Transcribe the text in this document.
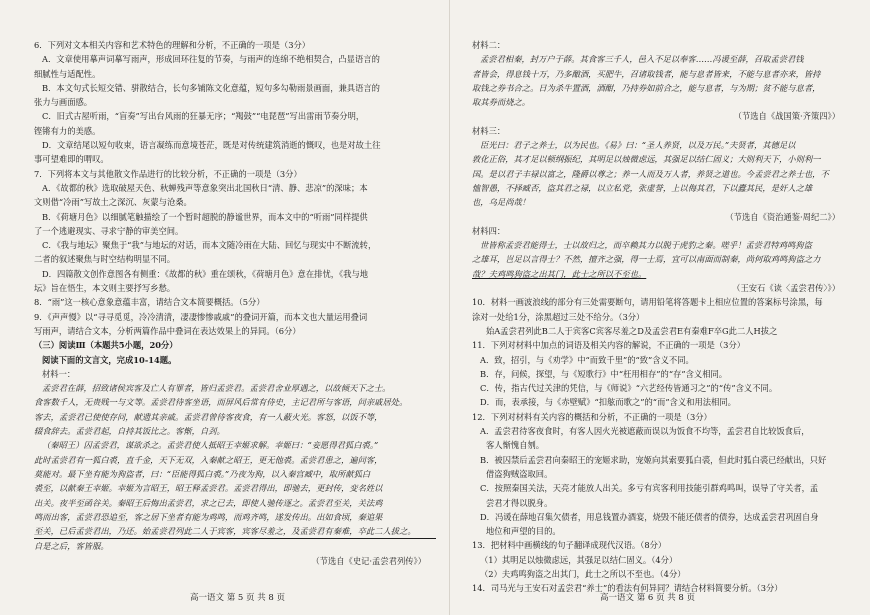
6．下列对文本相关内容和艺术特色的理解和分析，不正确的一项是（3分）
A．文章使用摹声词摹写雨声，形成回环往复的节奏，与雨声的连绵不绝相契合，凸显语言的
细腻性与适配性。
B．本文句式长短交错、骈散结合，长句多铺陈文化意蕴，短句多勾勒雨景画面，兼具语言的
张力与画面感。
C．旧式古屋听雨，“盲奏”写出台风雨的狂暴无序；“羯鼓”“电琵琶”写出雷雨节奏分明，
铿锵有力的美感。
D．文章结尾以短句收束，语言凝练而意境苍茫，既是对传统建筑消逝的慨叹，也是对故土往
事可望难即的喟叹。
7．下列将本文与其他散文作品进行的比较分析，不正确的一项是（3分）
A．《故都的秋》选取破屋天色、秋蝉残声等意象突出北国秋日“清、静、悲凉”的深味；本
文则借“冷雨”写故土之深沉、灰蒙与沧桑。
B．《荷塘月色》以细腻笔触描绘了一个暂时超脱的静谧世界，而本文中的“听雨”同样提供
了一个逃避现实、寻求宁静的审美空间。
C．《我与地坛》聚焦于“我”与地坛的对话，而本文随冷雨在大陆、回忆与现实中不断流转，
二者的叙述聚焦与时空结构明显不同。
D．四篇散文创作意图各有侧重：《故都的秋》重在颂秋，《荷塘月色》意在排忧，《我与地
坛》旨在悟生，本文则主要抒写乡愁。
8．“雨”这一核心意象意蕴丰富，请结合文本简要概括。（5分）
9．《声声慢》以“寻寻觅觅，冷冷清清，凄凄惨惨戚戚”的叠词开篇，而本文也大量运用叠词
写雨声，请结合文本，分析两篇作品中叠词在表达效果上的异同。（6分）
（三）阅读Ⅲ（本题共5小题，20分）
阅读下面的文言文，完成10-14题。
材料一：
孟尝君在薛，招致诸侯宾客及亡人有罪者，皆归孟尝君。孟尝君舍业厚遇之，以故倾天下之士。
食客数千人，无贵贱一与文等。孟尝君待客坐语，而屏风后常有侍史，主记君所与客语，问亲戚居处。
客去，孟尝君已使使存问，献遗其亲戚。孟尝君曾待客夜食，有一人蔽火光。客怒，以饭不等，
辍食辞去。孟尝君起，自持其饭比之。客惭，自刭。
（秦昭王）囚孟尝君，谋欲杀之。孟尝君使人抵昭王幸姬求解。幸姬曰：“妾愿得君狐白裘。”
此时孟尝君有一狐白裘，直千金，天下无双，入秦献之昭王，更无他裘。孟尝君患之，遍问客，
莫能对。最下坐有能为狗盗者，曰：“臣能得狐白裘。”乃夜为狗，以入秦宫臧中，取所献狐白
裘至，以献秦王幸姬。幸姬为言昭王，昭王释孟尝君。孟尝君得出，即驰去，更封传，变名姓以
出关。夜半至函谷关。秦昭王后悔出孟尝君，求之已去，即使人驰传逐之。孟尝君至关，关法鸡
鸣而出客，孟尝君恐追至，客之居下坐者有能为鸡鸣，而鸡齐鸣，遂发传出。出如食顷，秦追果
至关，已后孟尝君出，乃还。始孟尝君列此二人于宾客，宾客尽羞之，及孟尝君有秦难，卒此二人拔之。
自是之后，客皆服。
（节选自《史记·孟尝君列传》）
高一语文 第 5 页 共 8 页
材料二：
孟尝君相秦，封万户于薛。其食客三千人，邑入不足以奉客……冯谖至薛，召取孟尝君钱
者皆会，得息钱十万，乃多酿酒，买肥牛，召诸取钱者，能与息者皆来，不能与息者亦来，皆持
取钱之券书合之。日为杀牛置酒，酒酣，乃持券如前合之，能与息者，与为期；贫不能与息者，
取其券而烧之。
（节选自《战国策·齐策四》）
材料三：
臣光曰：君子之养士，以为民也。《易》曰：“圣人养贤，以及万民。”夫贤者，其德足以
敦化正俗，其才足以顿纲振纪，其明足以烛微虑远，其强足以结仁固义；大则利天下，小则利一
国。是以君子丰禄以富之，隆爵以尊之；养一人而及万人者，养贤之道也。今孟尝君之养士也，不
恤智愚，不择臧否，盗其君之禄，以立私党，张虚誉，上以侮其君，下以蠹其民，是奸人之雄
也，乌足尚哉！
（节选自《资治通鉴·周纪二》）
材料四：
世皆称孟尝君能得士，士以故归之，而卒赖其力以脱于虎豹之秦。嗟乎！孟尝君特鸡鸣狗盗
之雄耳，岂足以言得士？不然，擅齐之强，得一士焉，宜可以南面而制秦，尚何取鸡鸣狗盗之力
哉？夫鸡鸣狗盗之出其门，此士之所以不至也。
（王安石《读〈孟尝君传〉》）
10．材料一画波浪线的部分有三处需要断句，请用铅笔将答题卡上相应位置的答案标号涂黑，每
涂对一处给1分，涂黑超过三处不给分。（3分）
始A孟尝君列此B二人于宾客C宾客尽羞之D及孟尝君E有秦难F卒G此二人H拔之
11．下列对材料中加点的词语及相关内容的解说，不正确的一项是（3分）
A．致，招引，与《劝学》中“而致千里”的“致”含义不同。
B．存，问候，探望，与《短歌行》中“枉用相存”的“存”含义相同。
C．传，指古代过关津的凭信，与《师说》“六艺经传皆通习之”的“传”含义不同。
D．而，表承接，与《赤壁赋》“扣舷而歌之”的“而”含义和用法相同。
12．下列对材料有关内容的概括和分析，不正确的一项是（3分）
A．孟尝君待客夜食时，有客人因火光被遮蔽而误以为饭食不均等，孟尝君自比较饭食后，
客人惭愧自刎。
B．被囚禁后孟尝君向秦昭王的宠姬求助，宠姬向其索要狐白裘，但此时狐白裘已经献出，只好
借盗狗贼盗取回。
C．按照秦国关法，天亮才能放人出关。多亏有宾客利用技能引群鸡鸣叫，误导了守关者，孟
尝君才得以脱身。
D．冯谖在薛地召集欠债者，用息钱置办酒宴，烧毁不能还债者的债券，达成孟尝君巩固自身
地位和声望的目的。
13．把材料中画横线的句子翻译成现代汉语。（8分）
（1）其明足以烛微虑远，其强足以结仁固义。（4分）
（2）夫鸡鸣狗盗之出其门，此士之所以不至也。（4分）
14．司马光与王安石对孟尝君“养士”的看法有何异同？请结合材料简要分析。（3分）
高一语文 第 6 页 共 8 页
